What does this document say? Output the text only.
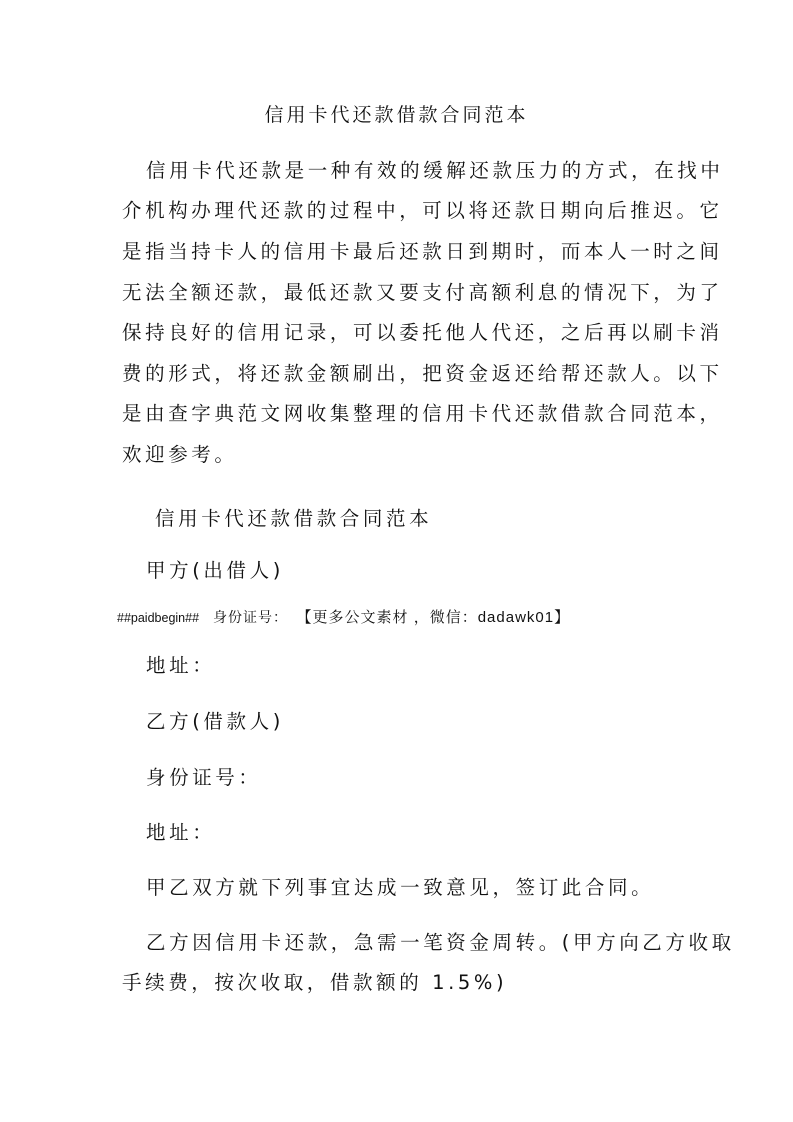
信用卡代还款借款合同范本
信用卡代还款是一种有效的缓解还款压力的方式，在找中
介机构办理代还款的过程中，可以将还款日期向后推迟。它
是指当持卡人的信用卡最后还款日到期时，而本人一时之间
无法全额还款，最低还款又要支付高额利息的情况下，为了
保持良好的信用记录，可以委托他人代还，之后再以刷卡消
费的形式，将还款金额刷出，把资金返还给帮还款人。以下
是由查字典范文网收集整理的信用卡代还款借款合同范本，
欢迎参考。
信用卡代还款借款合同范本
甲方(出借人)
##paidbegin## 身份证号： 【更多公文素材 ，微信：dadawk01】
地址：
乙方(借款人)
身份证号：
地址：
甲乙双方就下列事宜达成一致意见，签订此合同。
乙方因信用卡还款，急需一笔资金周转。(甲方向乙方收取
手续费，按次收取，借款额的 1.5%)
